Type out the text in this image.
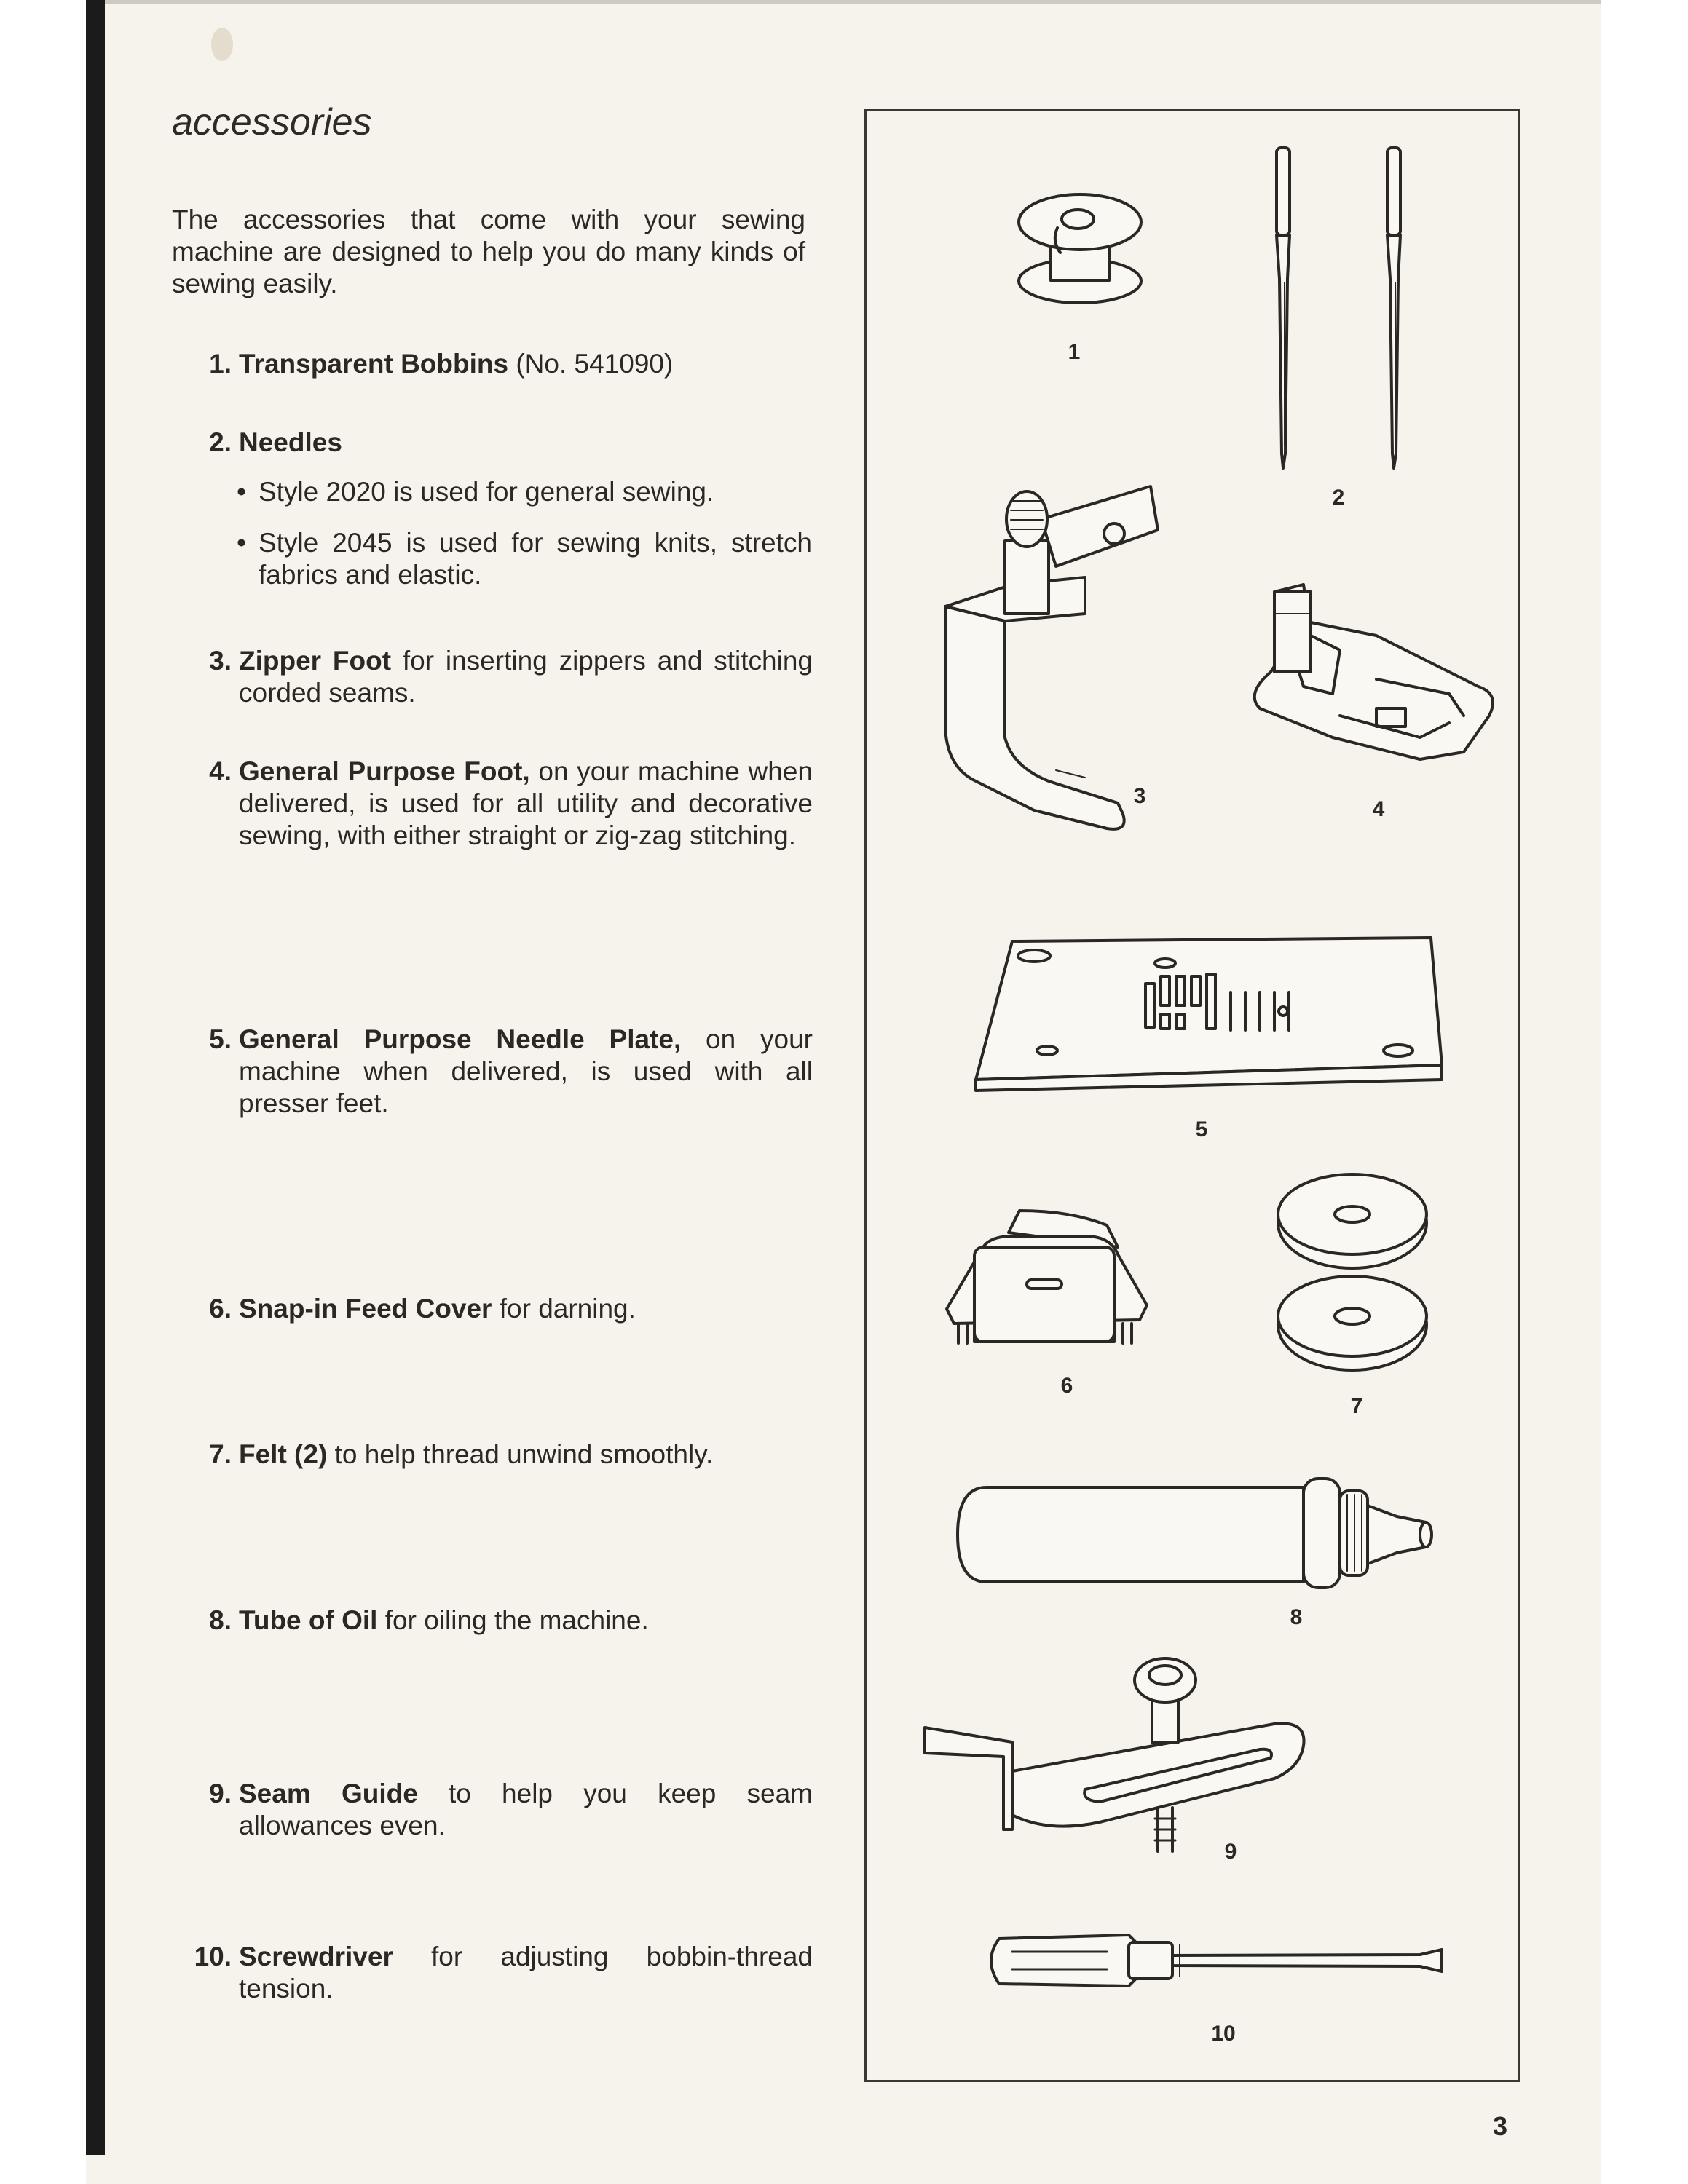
accessories

The accessories that come with your sewing machine are designed to help you do many kinds of sewing easily.

1. Transparent Bobbins (No. 541090)
2. Needles
• Style 2020 is used for general sewing.
• Style 2045 is used for sewing knits, stretch fabrics and elastic.
3. Zipper Foot for inserting zippers and stitching corded seams.
4. General Purpose Foot, on your machine when delivered, is used for all utility and decorative sewing, with either straight or zig-zag stitching.
5. General Purpose Needle Plate, on your machine when delivered, is used with all presser feet.
6. Snap-in Feed Cover for darning.
7. Felt (2) to help thread unwind smoothly.
8. Tube of Oil for oiling the machine.
9. Seam Guide to help you keep seam allowances even.
10. Screwdriver for adjusting bobbin-thread tension.
1
2
3
4
5
6
7
8
9
10
3
